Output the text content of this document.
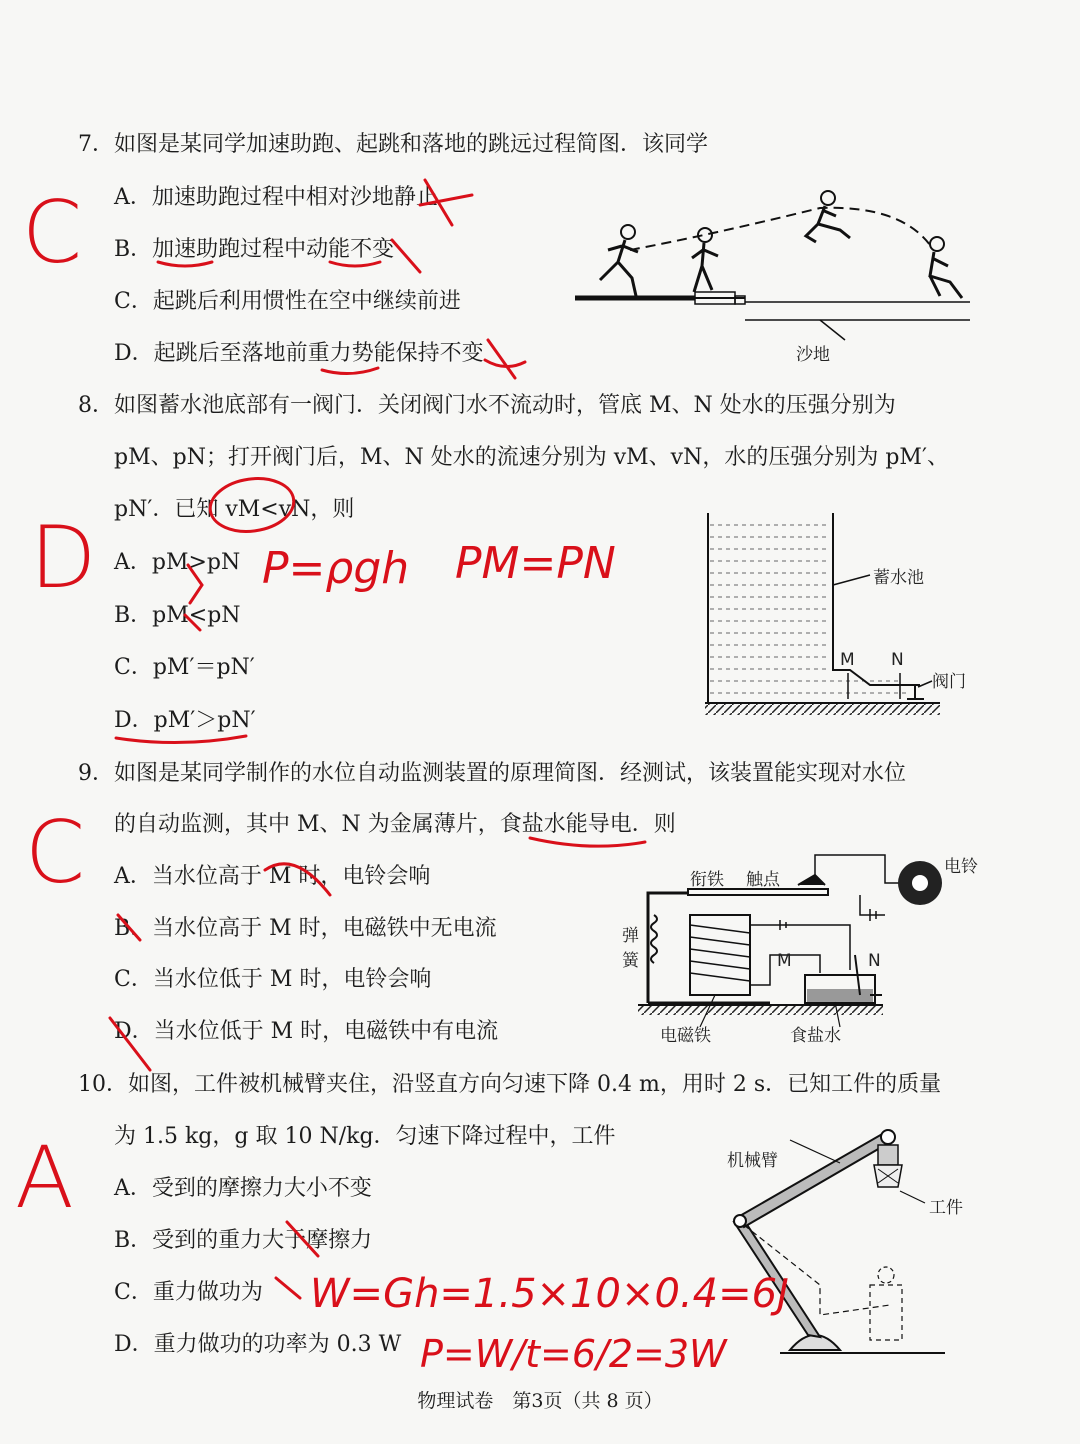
7．如图是某同学加速助跑、起跳和落地的跳远过程简图．该同学
A．加速助跑过程中相对沙地静止
B．加速助跑过程中动能不变
C．起跳后利用惯性在空中继续前进
D．起跳后至落地前重力势能保持不变	沙地
8．如图蓄水池底部有一阀门．关闭阀门水不流动时，管底 M、N 处水的压强分别为
pM、pN；打开阀门后，M、N 处水的流速分别为 vM、vN，水的压强分别为 pM′、
pN′．已知 vM<vN，则
A．pM>pN
B．pM<pN
C．pM′＝pN′
D．pM′＞pN′
蓄水池
M N
阀门
9．如图是某同学制作的水位自动监测装置的原理简图．经测试，该装置能实现对水位
的自动监测，其中 M、N 为金属薄片，食盐水能导电．则
A．当水位高于 M 时，电铃会响
B．当水位高于 M 时，电磁铁中无电流
C．当水位低于 M 时，电铃会响
D．当水位低于 M 时，电磁铁中有电流
衔铁 触点
电铃
弹
簧	M	N
电磁铁	食盐水
10．如图，工件被机械臂夹住，沿竖直方向匀速下降 0.4 m，用时 2 s．已知工件的质量
为 1.5 kg，g 取 10 N/kg．匀速下降过程中，工件
A．受到的摩擦力大小不变
B．受到的重力大于摩擦力
C．重力做功为
D．重力做功的功率为 0.3 W
机械臂
工件
C
D	P=ρgh PM=PN
C
A
W=Gh=1.5×10×0.4=6J
P=W/t=6/2=3W
物理试卷　第3页（共 8 页）
